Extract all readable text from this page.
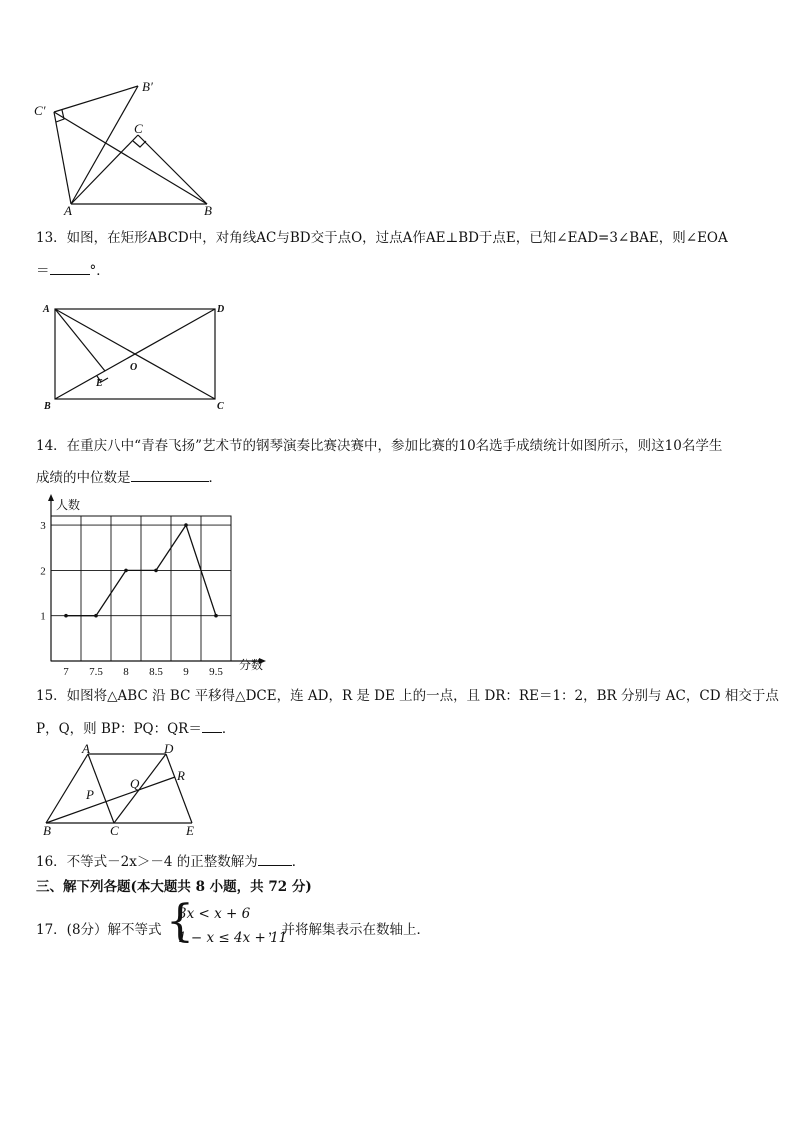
C′
B′
C
A	B
13．如图，在矩形ABCD中，对角线AC与BD交于点O，过点A作AE⊥BD于点E，已知∠EAD=3∠BAE，则∠EOA
＝	°．
A	D
B	C
O
E
14．在重庆八中“青春飞扬”艺术节的钢琴演奏比赛决赛中，参加比赛的10名选手成绩统计如图所示，则这10名学生
成绩的中位数是	．
7 7.5 8 8.5 9 9.5
1
2
3
人数
分数
15．如图将△ABC 沿 BC 平移得△DCE，连 AD，R 是 DE 上的一点，且 DR：RE＝1：2，BR 分别与 AC，CD 相交于点
P，Q，则 BP：PQ：QR＝ ．
A	D
R
Q
P
B	C	E
16．不等式－2x＞－4 的正整数解为	．
三、解下列各题(本大题共 8 小题，共 72 分)
17．(8分）解不等式 {
3x < x + 6
1 − x ≤ 4x + 11
，并将解集表示在数轴上．
